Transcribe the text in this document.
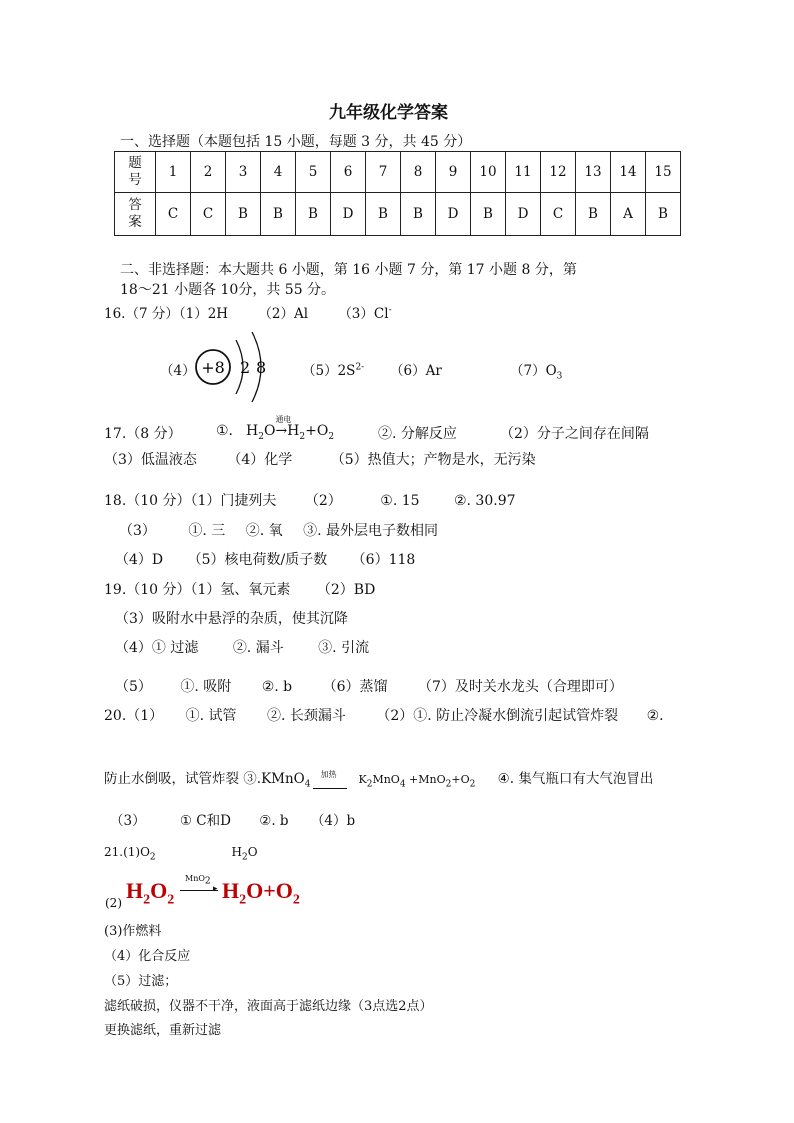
九年级化学答案
一、选择题（本题包括 15 小题，每题 3 分，共 45 分）
题
号	1	2	3	4	5	6	7	8	9	10	11	12	13	14	15
答
案	C	C	B	B	B	D	B	B	D	B	D	C	B	A	B
二、非选择题：本大题共 6 小题，第 16 小题 7 分，第 17 小题 8 分，第
18～21 小题各 10分，共 55 分。
16.（7 分）（1）2H （2）Al （3）Cl-
（4） +8 2 8	$(5)2S^{2-}$ （6）Ar	$(7)O_3$
17.（8 分） ①. $H_2O$
通电
$\to H_2+O_2$	②. 分解反应	（2）分子之间存在间隔
（3）低温液态 （4）化学	（5）热值大；产物是水，无污染
18.（10 分）（1）门捷列夫 （2）	①. 15 ②. 30.97
（3） ①. 三 ②. 氧 ③. 最外层电子数相同
（4）D （5）核电荷数/质子数 （6）118
19.（10 分）（1）氢、氧元素 （2）BD
（3）吸附水中悬浮的杂质，使其沉降
（4）① 过滤 ②. 漏斗 ③. 引流
（5） ①. 吸附 ②. b （6）蒸馏 （7）及时关水龙头（合理即可）
20.（1） ①. 试管 ②. 长颈漏斗 （2）①. 防止冷凝水倒流引起试管炸裂 ②.
防止水倒吸，试管炸裂 ③.KMnO$_4$
加热 $K_2MnO_4 +MnO_2+O_2$ ④. 集气瓶口有大气泡冒出
（3）	① C和D ②. b （4）b
$21.(1)O_2$	$H_2O$
$H_2O_2$
MnO$_2$
▸ $H_2O+O_2$
(2)
(3)作燃料
（4）化合反应
（5）过滤；
滤纸破损，仪器不干净，液面高于滤纸边缘（3点选2点）
更换滤纸，重新过滤
